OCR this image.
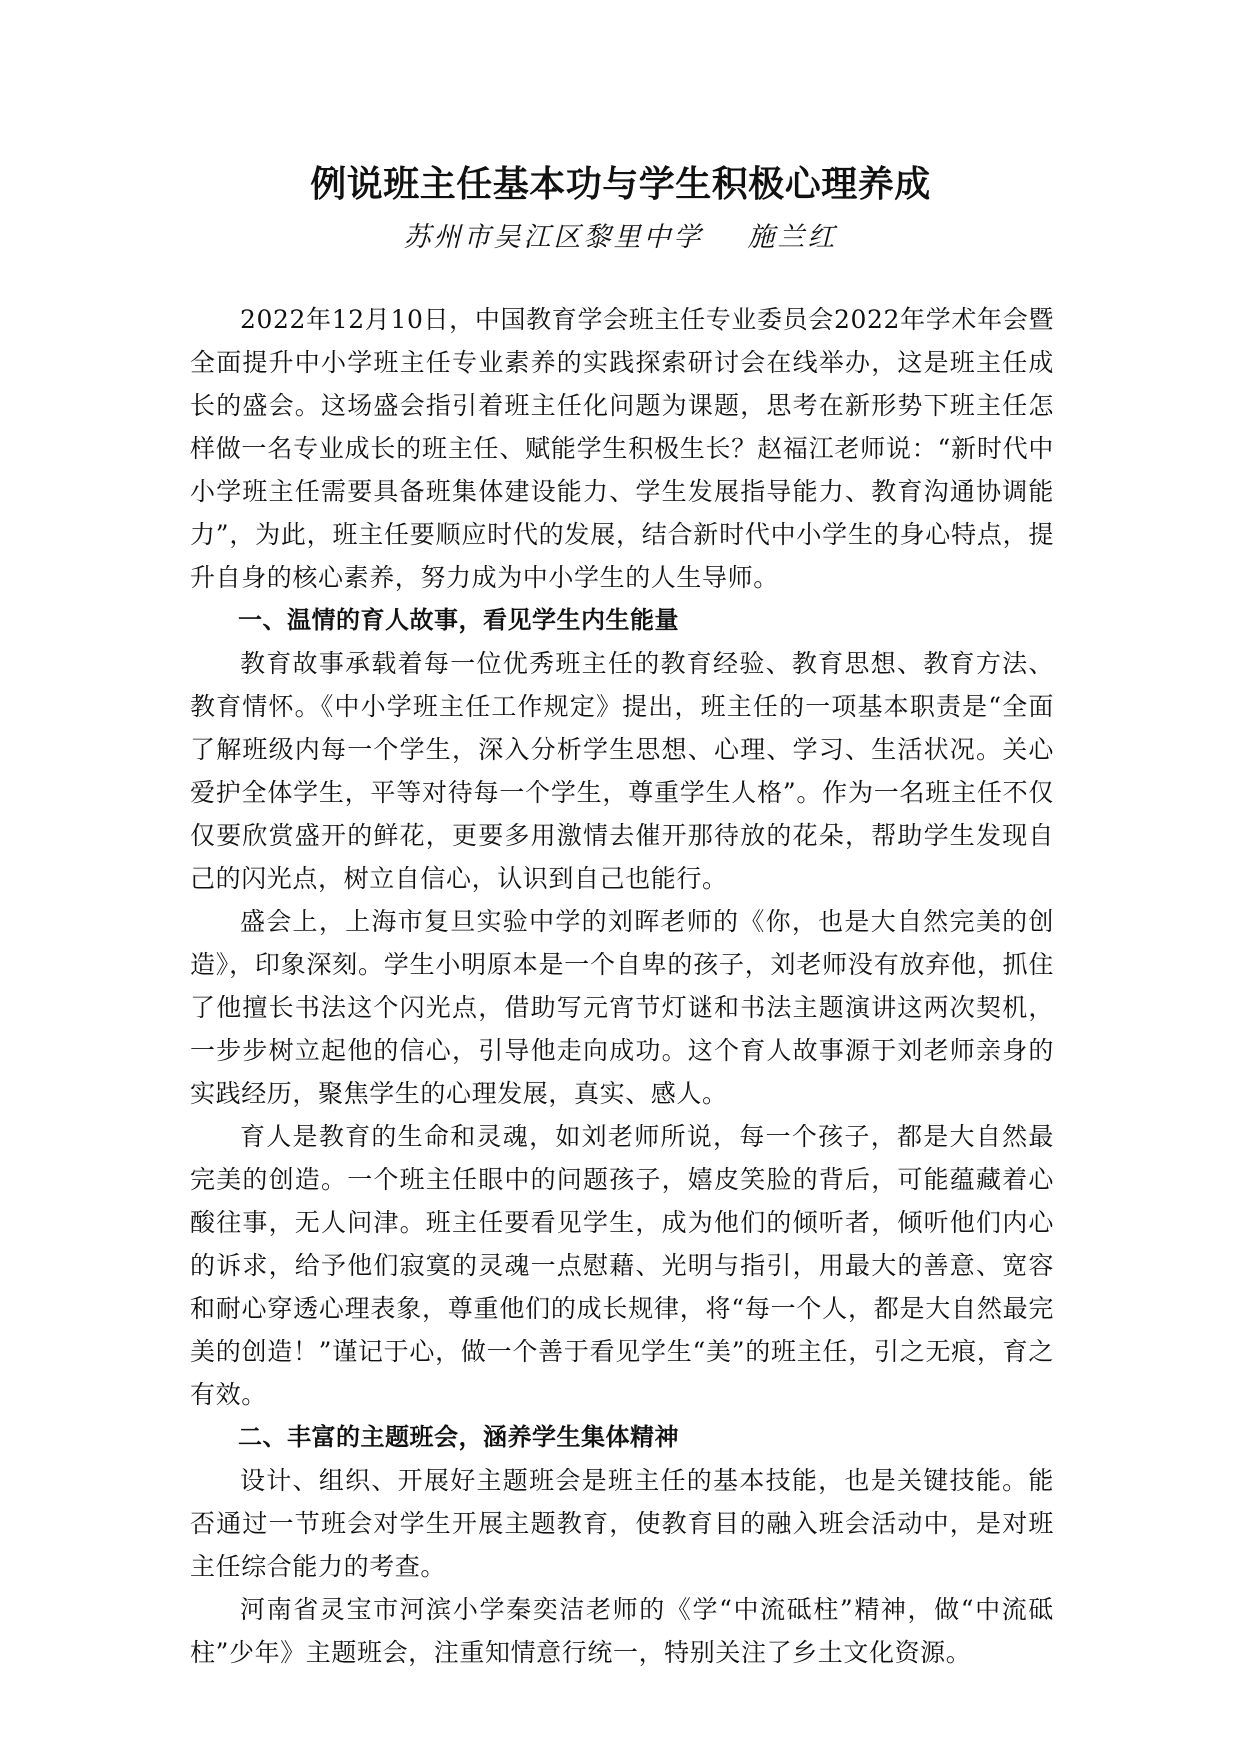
例说班主任基本功与学生积极心理养成
苏州市吴江区黎里中学 施兰红

2022年12月10日，中国教育学会班主任专业委员会2022年学术年会暨全面提升中小学班主任专业素养的实践探索研讨会在线举办，这是班主任成长的盛会。这场盛会指引着班主任化问题为课题，思考在新形势下班主任怎样做一名专业成长的班主任、赋能学生积极生长？赵福江老师说：“新时代中小学班主任需要具备班集体建设能力、学生发展指导能力、教育沟通协调能力”，为此，班主任要顺应时代的发展，结合新时代中小学生的身心特点，提升自身的核心素养，努力成为中小学生的人生导师。

一、温情的育人故事，看见学生内生能量

教育故事承载着每一位优秀班主任的教育经验、教育思想、教育方法、教育情怀。《中小学班主任工作规定》提出，班主任的一项基本职责是“全面了解班级内每一个学生，深入分析学生思想、心理、学习、生活状况。关心爱护全体学生，平等对待每一个学生，尊重学生人格”。作为一名班主任不仅仅要欣赏盛开的鲜花，更要多用激情去催开那待放的花朵，帮助学生发现自己的闪光点，树立自信心，认识到自己也能行。

盛会上，上海市复旦实验中学的刘晖老师的《你，也是大自然完美的创造》，印象深刻。学生小明原本是一个自卑的孩子，刘老师没有放弃他，抓住了他擅长书法这个闪光点，借助写元宵节灯谜和书法主题演讲这两次契机，一步步树立起他的信心，引导他走向成功。这个育人故事源于刘老师亲身的实践经历，聚焦学生的心理发展，真实、感人。

育人是教育的生命和灵魂，如刘老师所说，每一个孩子，都是大自然最完美的创造。一个班主任眼中的问题孩子，嬉皮笑脸的背后，可能蕴藏着心酸往事，无人问津。班主任要看见学生，成为他们的倾听者，倾听他们内心的诉求，给予他们寂寞的灵魂一点慰藉、光明与指引，用最大的善意、宽容和耐心穿透心理表象，尊重他们的成长规律，将“每一个人，都是大自然最完美的创造！”谨记于心，做一个善于看见学生“美”的班主任，引之无痕，育之有效。

二、丰富的主题班会，涵养学生集体精神

设计、组织、开展好主题班会是班主任的基本技能，也是关键技能。能否通过一节班会对学生开展主题教育，使教育目的融入班会活动中，是对班主任综合能力的考查。

河南省灵宝市河滨小学秦奕洁老师的《学“中流砥柱”精神，做“中流砥柱”少年》主题班会，注重知情意行统一，特别关注了乡土文化资源。
